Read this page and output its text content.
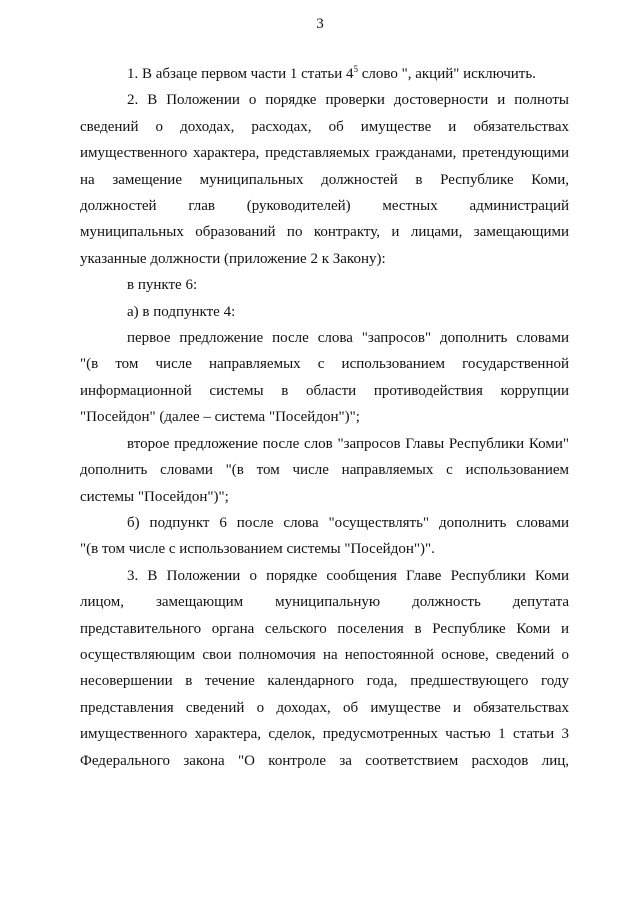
3

1. В абзаце первом части 1 статьи $4^5$ слово ", акций" исключить.

2. В Положении о порядке проверки достоверности и полноты
сведений о доходах, расходах, об имуществе и обязательствах
имущественного характера, представляемых гражданами, претендующими
на замещение муниципальных должностей в Республике Коми,
должностей глав (руководителей) местных администраций
муниципальных образований по контракту, и лицами, замещающими
указанные должности (приложение 2 к Закону):

в пункте 6:

а) в подпункте 4:

первое предложение после слова "запросов" дополнить словами
"(в том числе направляемых с использованием государственной
информационной системы в области противодействия коррупции
"Посейдон" (далее – система "Посейдон")";

второе предложение после слов "запросов Главы Республики Коми"
дополнить словами "(в том числе направляемых с использованием
системы "Посейдон")";

б) подпункт 6 после слова "осуществлять" дополнить словами
"(в том числе с использованием системы "Посейдон")".

3. В Положении о порядке сообщения Главе Республики Коми
лицом, замещающим муниципальную должность депутата
представительного органа сельского поселения в Республике Коми и
осуществляющим свои полномочия на непостоянной основе, сведений о
несовершении в течение календарного года, предшествующего году
представления сведений о доходах, об имуществе и обязательствах
имущественного характера, сделок, предусмотренных частью 1 статьи 3
Федерального закона "О контроле за соответствием расходов лиц,
